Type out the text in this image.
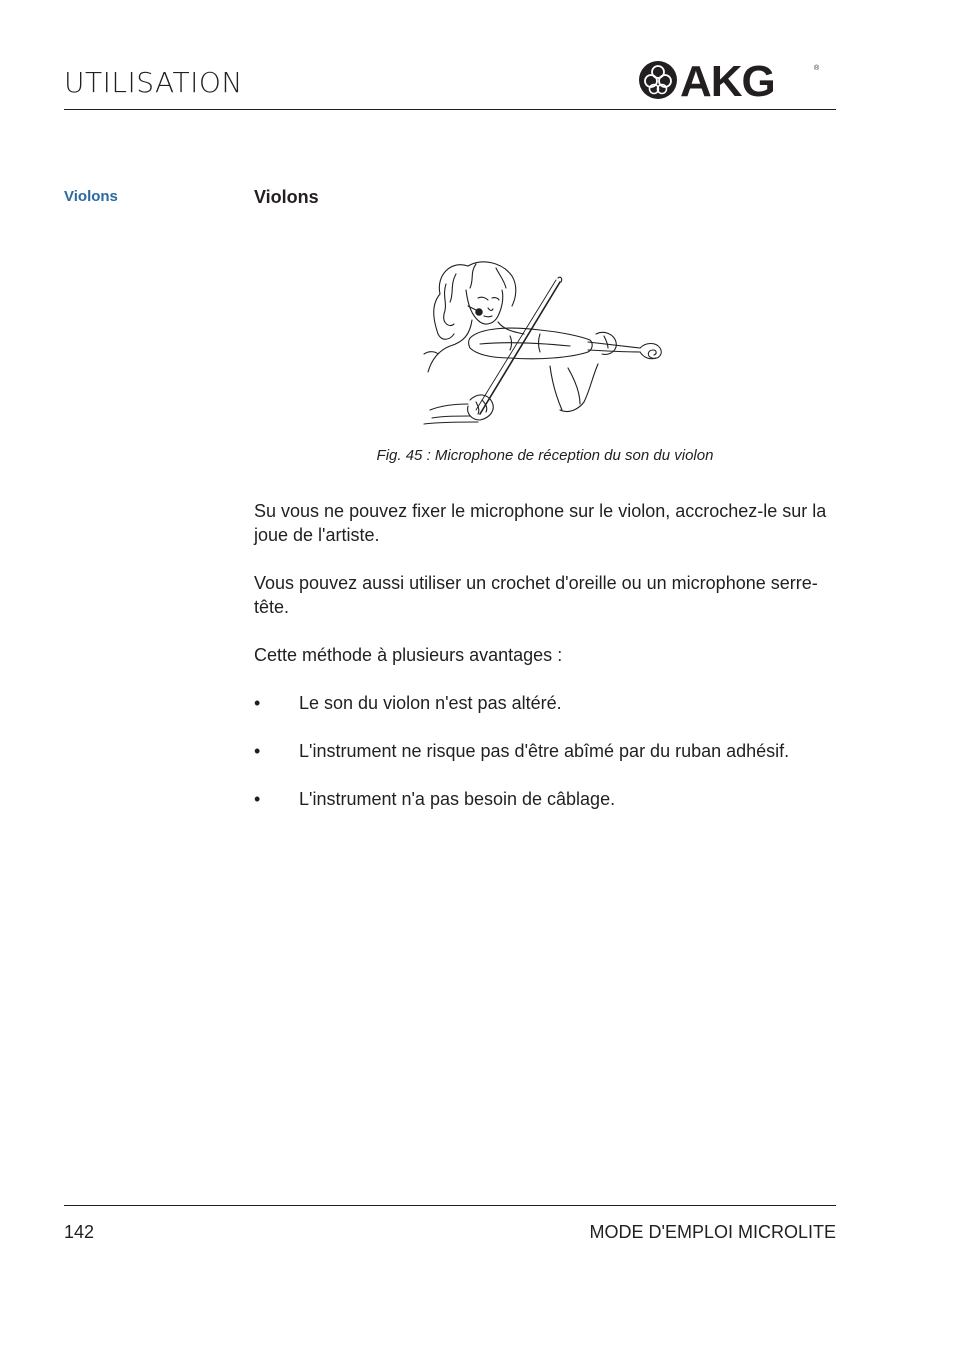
UTILISATION	AKG	®
Violons	Violons
Fig. 45 : Microphone de réception du son du violon
Su vous ne pouvez fixer le microphone sur le violon, accrochez-le sur la joue de l'artiste.
Vous pouvez aussi utiliser un crochet d'oreille ou un microphone serre-tête.
Cette méthode à plusieurs avantages :
• Le son du violon n'est pas altéré.
• L'instrument ne risque pas d'être abîmé par du ruban adhésif.
• L'instrument n'a pas besoin de câblage.
142	MODE D'EMPLOI MICROLITE
